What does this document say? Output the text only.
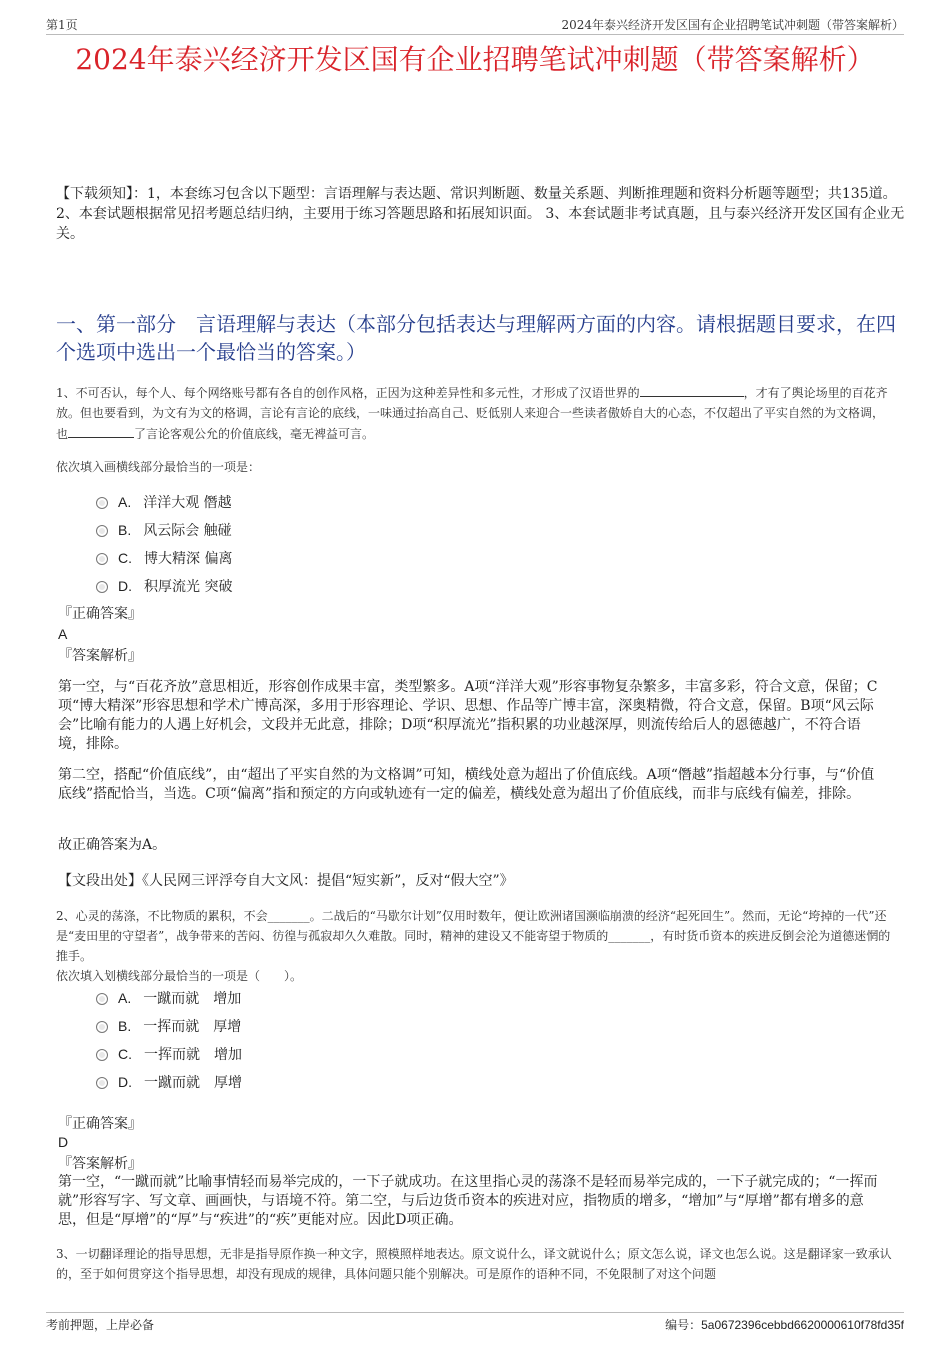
第1页	2024年泰兴经济开发区国有企业招聘笔试冲刺题（带答案解析）
2024年泰兴经济开发区国有企业招聘笔试冲刺题（带答案解析）
【下载须知】：1，本套练习包含以下题型：言语理解与表达题、常识判断题、数量关系题、判断推理题和资料分析题等题型；共135道。 2、本套试题根据常见招考题总结归纳，主要用于练习答题思路和拓展知识面。 3、本套试题非考试真题，且与泰兴经济开发区国有企业无关。
一、第一部分　言语理解与表达（本部分包括表达与理解两方面的内容。请根据题目要求，在四个选项中选出一个最恰当的答案。）
1、不可否认，每个人、每个网络账号都有各自的创作风格，正因为这种差异性和多元性，才形成了汉语世界的	，才有了舆论场里的百花齐放。但也要看到，为文有为文的格调，言论有言论的底线，一味通过抬高自己、贬低别人来迎合一些读者傲娇自大的心态，不仅超出了平实自然的为文格调，也	了言论客观公允的价值底线，毫无裨益可言。
依次填入画横线部分最恰当的一项是：
A. 洋洋大观 僭越
B. 风云际会 触碰
C. 博大精深 偏离
D. 积厚流光 突破
『正确答案』
A
『答案解析』
第一空，与“百花齐放”意思相近，形容创作成果丰富，类型繁多。A项“洋洋大观”形容事物复杂繁多，丰富多彩，符合文意，保留；C项“博大精深”形容思想和学术广博高深，多用于形容理论、学识、思想、作品等广博丰富，深奥精微，符合文意，保留。B项“风云际会”比喻有能力的人遇上好机会，文段并无此意，排除；D项“积厚流光”指积累的功业越深厚，则流传给后人的恩德越广，不符合语境，排除。
第二空，搭配“价值底线”，由“超出了平实自然的为文格调”可知，横线处意为超出了价值底线。A项“僭越”指超越本分行事，与“价值底线”搭配恰当，当选。C项“偏离”指和预定的方向或轨迹有一定的偏差，横线处意为超出了价值底线，而非与底线有偏差，排除。
故正确答案为A。
【文段出处】《人民网三评浮夸自大文风：提倡“短实新”，反对“假大空”》
2、心灵的荡涤，不比物质的累积，不会_______。二战后的“马歇尔计划”仅用时数年，便让欧洲诸国濒临崩溃的经济“起死回生”。然而，无论“垮掉的一代”还是“麦田里的守望者”，战争带来的苦闷、彷徨与孤寂却久久难散。同时，精神的建设又不能寄望于物质的_______，有时货币资本的疾进反倒会沦为道德迷惘的推手。
依次填入划横线部分最恰当的一项是（　　）。
A. 一蹴而就　增加
B. 一挥而就　厚增
C. 一挥而就　增加
D. 一蹴而就　厚增
『正确答案』
D
『答案解析』
第一空，“一蹴而就”比喻事情轻而易举完成的，一下子就成功。在这里指心灵的荡涤不是轻而易举完成的，一下子就完成的；“一挥而就”形容写字、写文章、画画快，与语境不符。第二空，与后边货币资本的疾进对应，指物质的增多，“增加”与“厚增”都有增多的意思，但是“厚增”的“厚”与“疾进”的“疾”更能对应。因此D项正确。
3、一切翻译理论的指导思想，无非是指导原作换一种文字，照模照样地表达。原文说什么，译文就说什么；原文怎么说，译文也怎么说。这是翻译家一致承认的，至于如何贯穿这个指导思想，却没有现成的规律，具体问题只能个别解决。可是原作的语种不同，不免限制了对这个问题
考前押题，上岸必备	编号：5a0672396cebbd6620000610f78fd35f
